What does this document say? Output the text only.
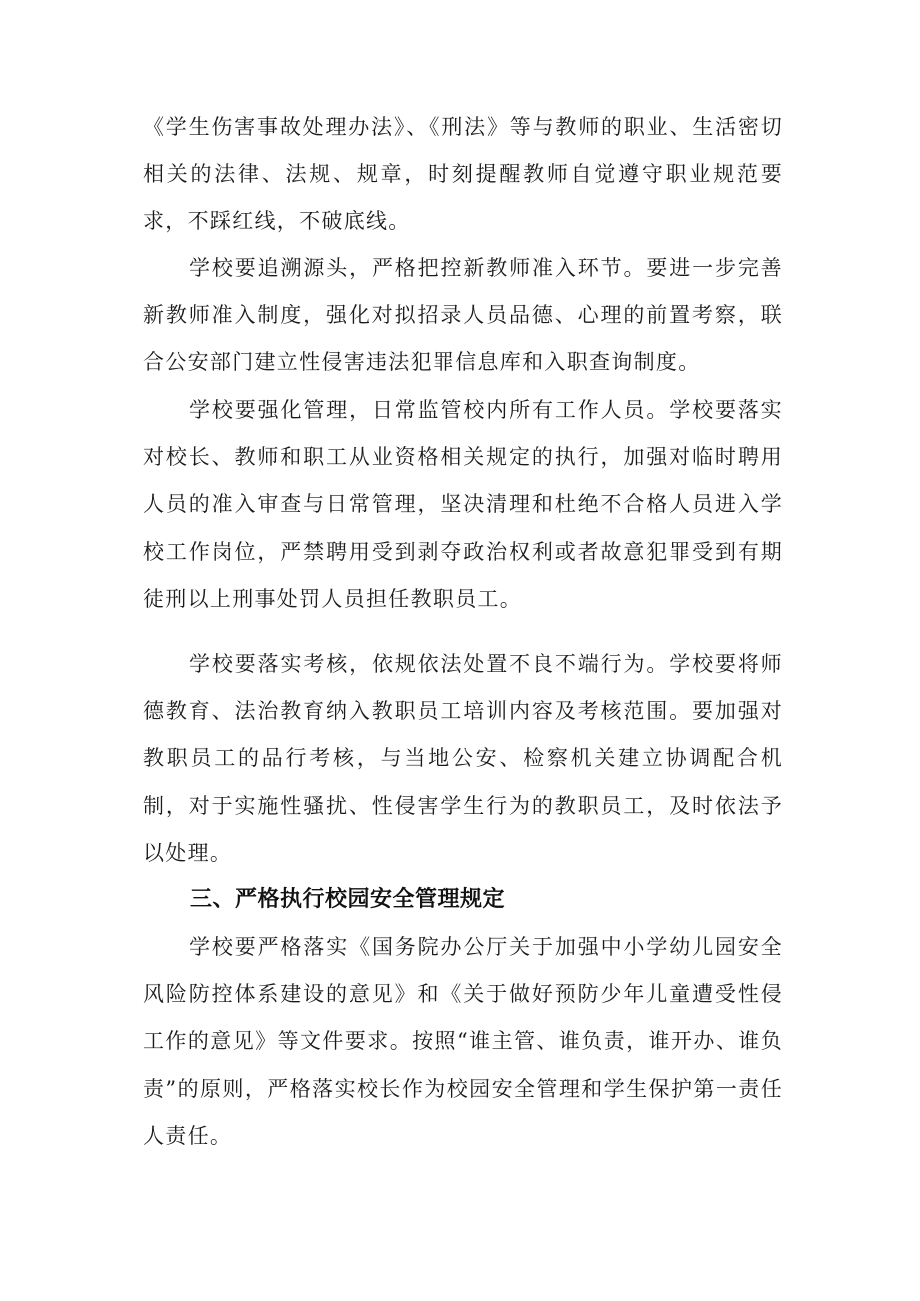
《学生伤害事故处理办法》、《刑法》等与教师的职业、生活密切相关的法律、法规、规章，时刻提醒教师自觉遵守职业规范要求，不踩红线，不破底线。

学校要追溯源头，严格把控新教师准入环节。要进一步完善新教师准入制度，强化对拟招录人员品德、心理的前置考察，联合公安部门建立性侵害违法犯罪信息库和入职查询制度。

学校要强化管理，日常监管校内所有工作人员。学校要落实对校长、教师和职工从业资格相关规定的执行，加强对临时聘用人员的准入审查与日常管理，坚决清理和杜绝不合格人员进入学校工作岗位，严禁聘用受到剥夺政治权利或者故意犯罪受到有期徒刑以上刑事处罚人员担任教职员工。

学校要落实考核，依规依法处置不良不端行为。学校要将师德教育、法治教育纳入教职员工培训内容及考核范围。要加强对教职员工的品行考核，与当地公安、检察机关建立协调配合机制，对于实施性骚扰、性侵害学生行为的教职员工，及时依法予以处理。

三、严格执行校园安全管理规定

学校要严格落实《国务院办公厅关于加强中小学幼儿园安全风险防控体系建设的意见》和《关于做好预防少年儿童遭受性侵工作的意见》等文件要求。按照“谁主管、谁负责，谁开办、谁负责”的原则，严格落实校长作为校园安全管理和学生保护第一责任人责任。
